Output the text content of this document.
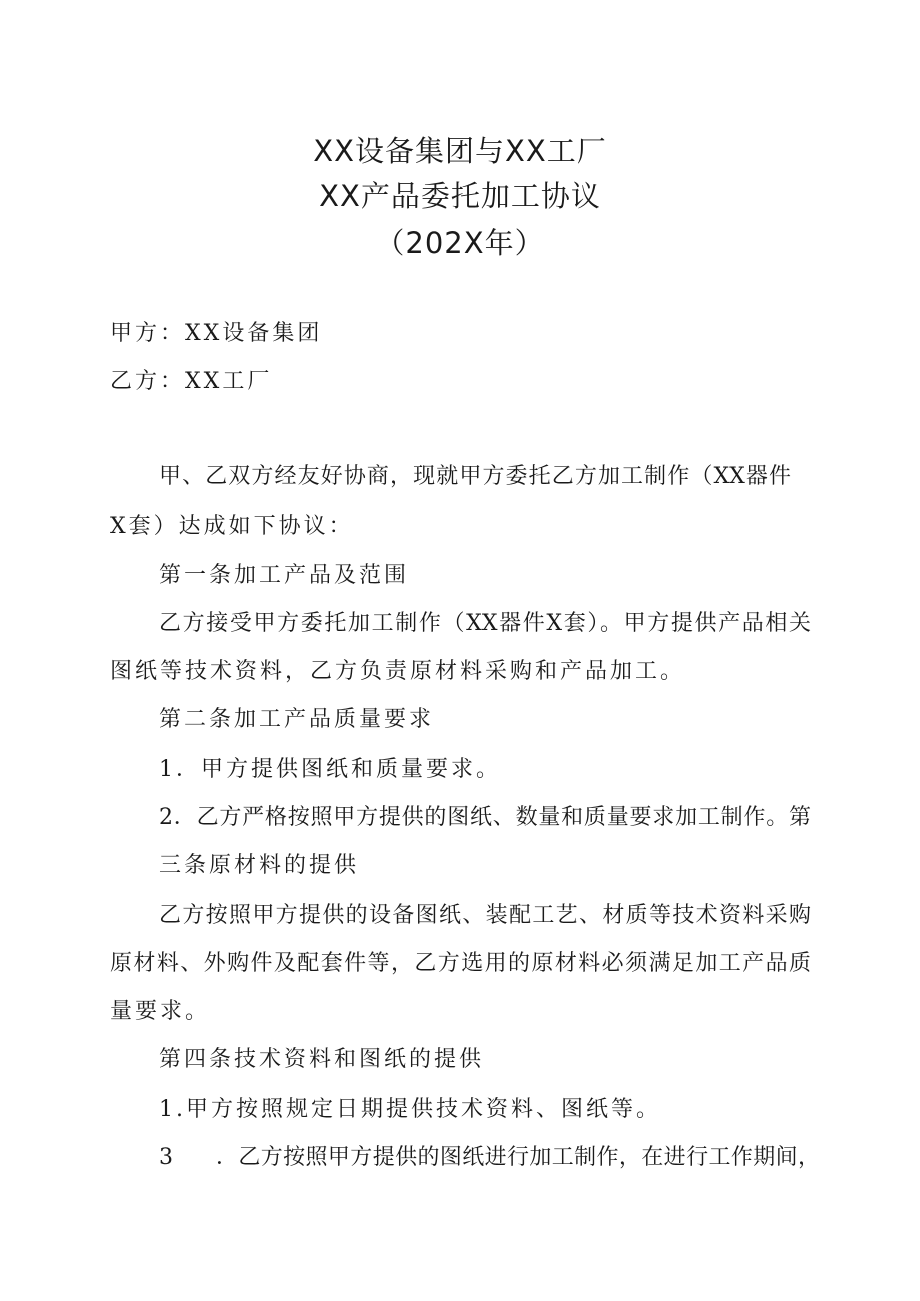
XX设备集团与XX工厂
XX产品委托加工协议
（202X年）
甲方：XX设备集团
乙方：XX工厂
甲、乙双方经友好协商，现就甲方委托乙方加工制作（XX器件
X套）达成如下协议：
第一条加工产品及范围
乙方接受甲方委托加工制作（XX器件X套）。甲方提供产品相关
图纸等技术资料，乙方负责原材料采购和产品加工。
第二条加工产品质量要求
1．甲方提供图纸和质量要求。
2．乙方严格按照甲方提供的图纸、数量和质量要求加工制作。第
三条原材料的提供
乙方按照甲方提供的设备图纸、装配工艺、材质等技术资料采购
原材料、外购件及配套件等，乙方选用的原材料必须满足加工产品质
量要求。
第四条技术资料和图纸的提供
1.甲方按照规定日期提供技术资料、图纸等。
3 ．乙方按照甲方提供的图纸进行加工制作，在进行工作期间，
